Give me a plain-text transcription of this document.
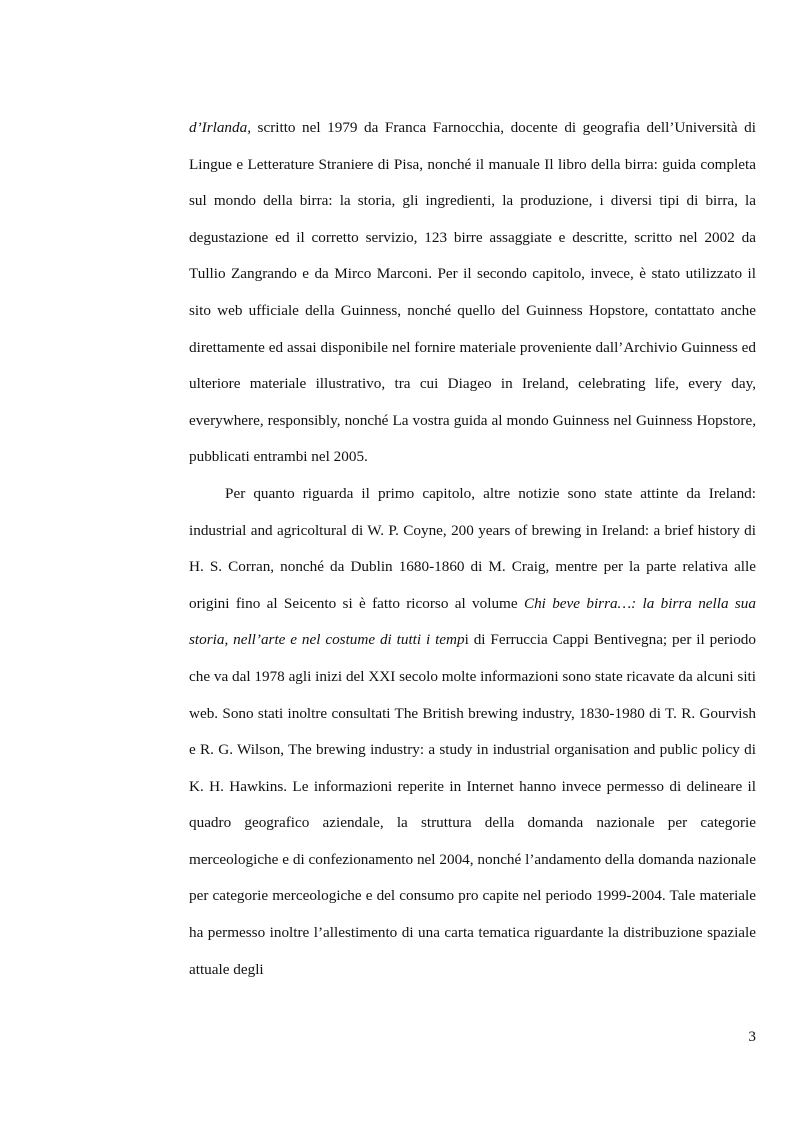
d’Irlanda, scritto nel 1979 da Franca Farnocchia, docente di geografia dell’Università di Lingue e Letterature Straniere di Pisa, nonché il manuale Il libro della birra: guida completa sul mondo della birra: la storia, gli ingredienti, la produzione, i diversi tipi di birra, la degustazione ed il corretto servizio, 123 birre assaggiate e descritte, scritto nel 2002 da Tullio Zangrando e da Mirco Marconi. Per il secondo capitolo, invece, è stato utilizzato il sito web ufficiale della Guinness, nonché quello del Guinness Hopstore, contattato anche direttamente ed assai disponibile nel fornire materiale proveniente dall’Archivio Guinness ed ulteriore materiale illustrativo, tra cui Diageo in Ireland, celebrating life, every day, everywhere, responsibly, nonché La vostra guida al mondo Guinness nel Guinness Hopstore, pubblicati entrambi nel 2005.

Per quanto riguarda il primo capitolo, altre notizie sono state attinte da Ireland: industrial and agricoltural di W. P. Coyne, 200 years of brewing in Ireland: a brief history di H. S. Corran, nonché da Dublin 1680-1860 di M. Craig, mentre per la parte relativa alle origini fino al Seicento si è fatto ricorso al volume Chi beve birra…: la birra nella sua storia, nell’arte e nel costume di tutti i tempi di Ferruccia Cappi Bentivegna; per il periodo che va dal 1978 agli inizi del XXI secolo molte informazioni sono state ricavate da alcuni siti web. Sono stati inoltre consultati The British brewing industry, 1830-1980 di T. R. Gourvish e R. G. Wilson, The brewing industry: a study in industrial organisation and public policy di K. H. Hawkins. Le informazioni reperite in Internet hanno invece permesso di delineare il quadro geografico aziendale, la struttura della domanda nazionale per categorie merceologiche e di confezionamento nel 2004, nonché l’andamento della domanda nazionale per categorie merceologiche e del consumo pro capite nel periodo 1999-2004. Tale materiale ha permesso inoltre l’allestimento di una carta tematica riguardante la distribuzione spaziale attuale degli

3
